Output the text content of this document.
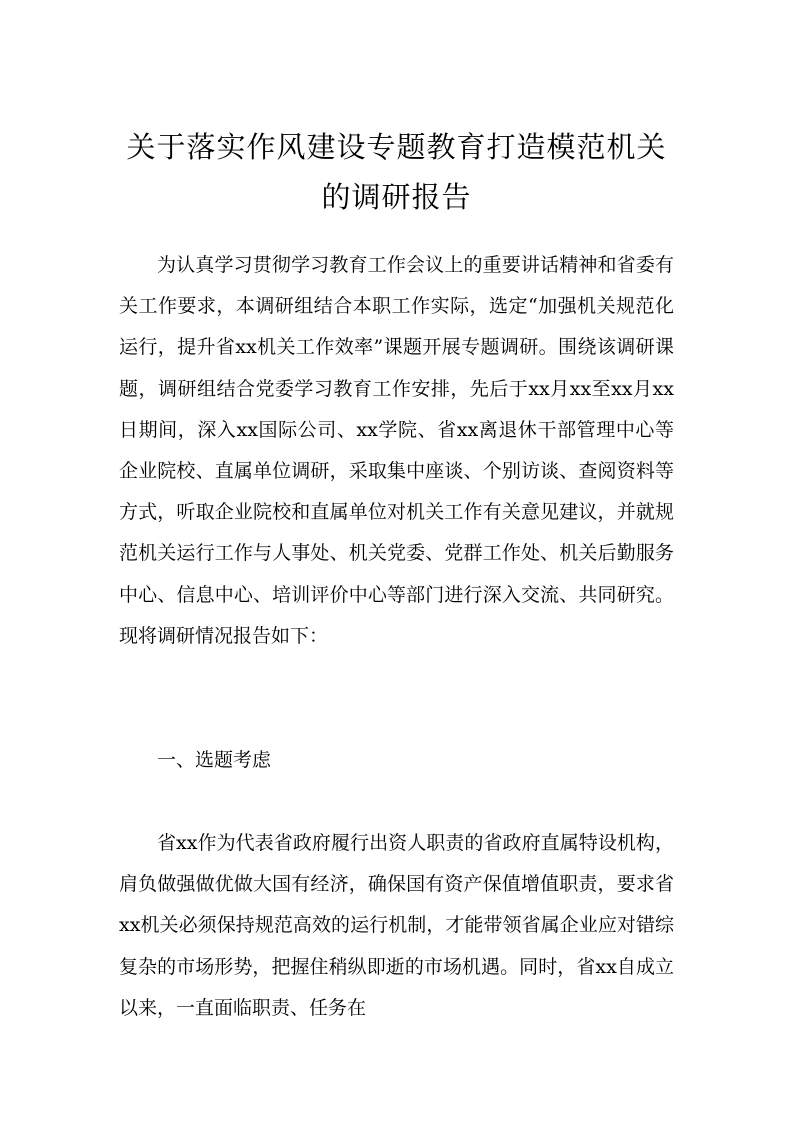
关于落实作风建设专题教育打造模范机关
的调研报告

为认真学习贯彻学习教育工作会议上的重要讲话精神和省委有关工作要求，本调研组结合本职工作实际，选定“加强机关规范化运行，提升省xx机关工作效率”课题开展专题调研。围绕该调研课题，调研组结合党委学习教育工作安排，先后于xx月xx至xx月xx日期间，深入xx国际公司、xx学院、省xx离退休干部管理中心等企业院校、直属单位调研，采取集中座谈、个别访谈、查阅资料等方式，听取企业院校和直属单位对机关工作有关意见建议，并就规范机关运行工作与人事处、机关党委、党群工作处、机关后勤服务中心、信息中心、培训评价中心等部门进行深入交流、共同研究。现将调研情况报告如下：

一、选题考虑

省xx作为代表省政府履行出资人职责的省政府直属特设机构，肩负做强做优做大国有经济，确保国有资产保值增值职责，要求省xx机关必须保持规范高效的运行机制，才能带领省属企业应对错综复杂的市场形势，把握住稍纵即逝的市场机遇。同时，省xx自成立以来，一直面临职责、任务在
